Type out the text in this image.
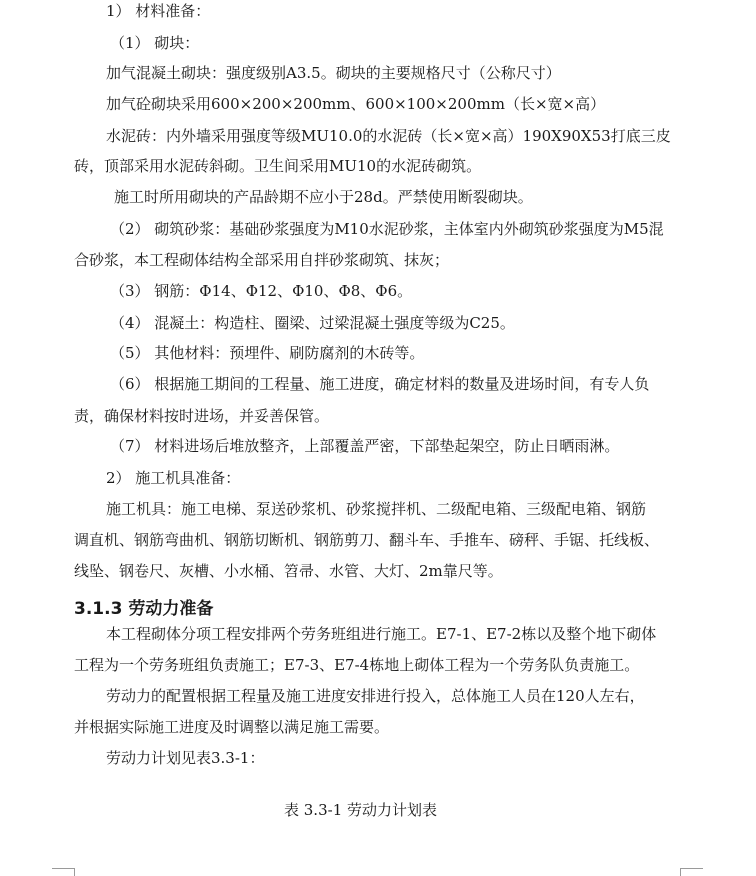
1） 材料准备：
（1） 砌块：
加气混凝土砌块：强度级别A3.5。砌块的主要规格尺寸（公称尺寸）
加气砼砌块采用600×200×200mm、600×100×200mm（长×宽×高）
水泥砖：内外墙采用强度等级MU10.0的水泥砖（长×宽×高）190X90X53打底三皮
砖，顶部采用水泥砖斜砌。卫生间采用MU10的水泥砖砌筑。
施工时所用砌块的产品龄期不应小于28d。严禁使用断裂砌块。
（2） 砌筑砂浆：基础砂浆强度为M10水泥砂浆，主体室内外砌筑砂浆强度为M5混
合砂浆，本工程砌体结构全部采用自拌砂浆砌筑、抹灰；
（3） 钢筋：Φ14、Φ12、Φ10、Φ8、Φ6。
（4） 混凝土：构造柱、圈梁、过梁混凝土强度等级为C25。
（5） 其他材料：预埋件、刷防腐剂的木砖等。
（6） 根据施工期间的工程量、施工进度，确定材料的数量及进场时间，有专人负
责，确保材料按时进场，并妥善保管。
（7） 材料进场后堆放整齐，上部覆盖严密，下部垫起架空，防止日晒雨淋。
2） 施工机具准备：
施工机具：施工电梯、泵送砂浆机、砂浆搅拌机、二级配电箱、三级配电箱、钢筋
调直机、钢筋弯曲机、钢筋切断机、钢筋剪刀、翻斗车、手推车、磅秤、手锯、托线板、
线坠、钢卷尺、灰槽、小水桶、笤帚、水管、大灯、2m靠尺等。
3.1.3 劳动力准备
本工程砌体分项工程安排两个劳务班组进行施工。E7-1、E7-2栋以及整个地下砌体
工程为一个劳务班组负责施工；E7-3、E7-4栋地上砌体工程为一个劳务队负责施工。
劳动力的配置根据工程量及施工进度安排进行投入，总体施工人员在120人左右，
并根据实际施工进度及时调整以满足施工需要。
劳动力计划见表3.3-1：
表 3.3-1 劳动力计划表
